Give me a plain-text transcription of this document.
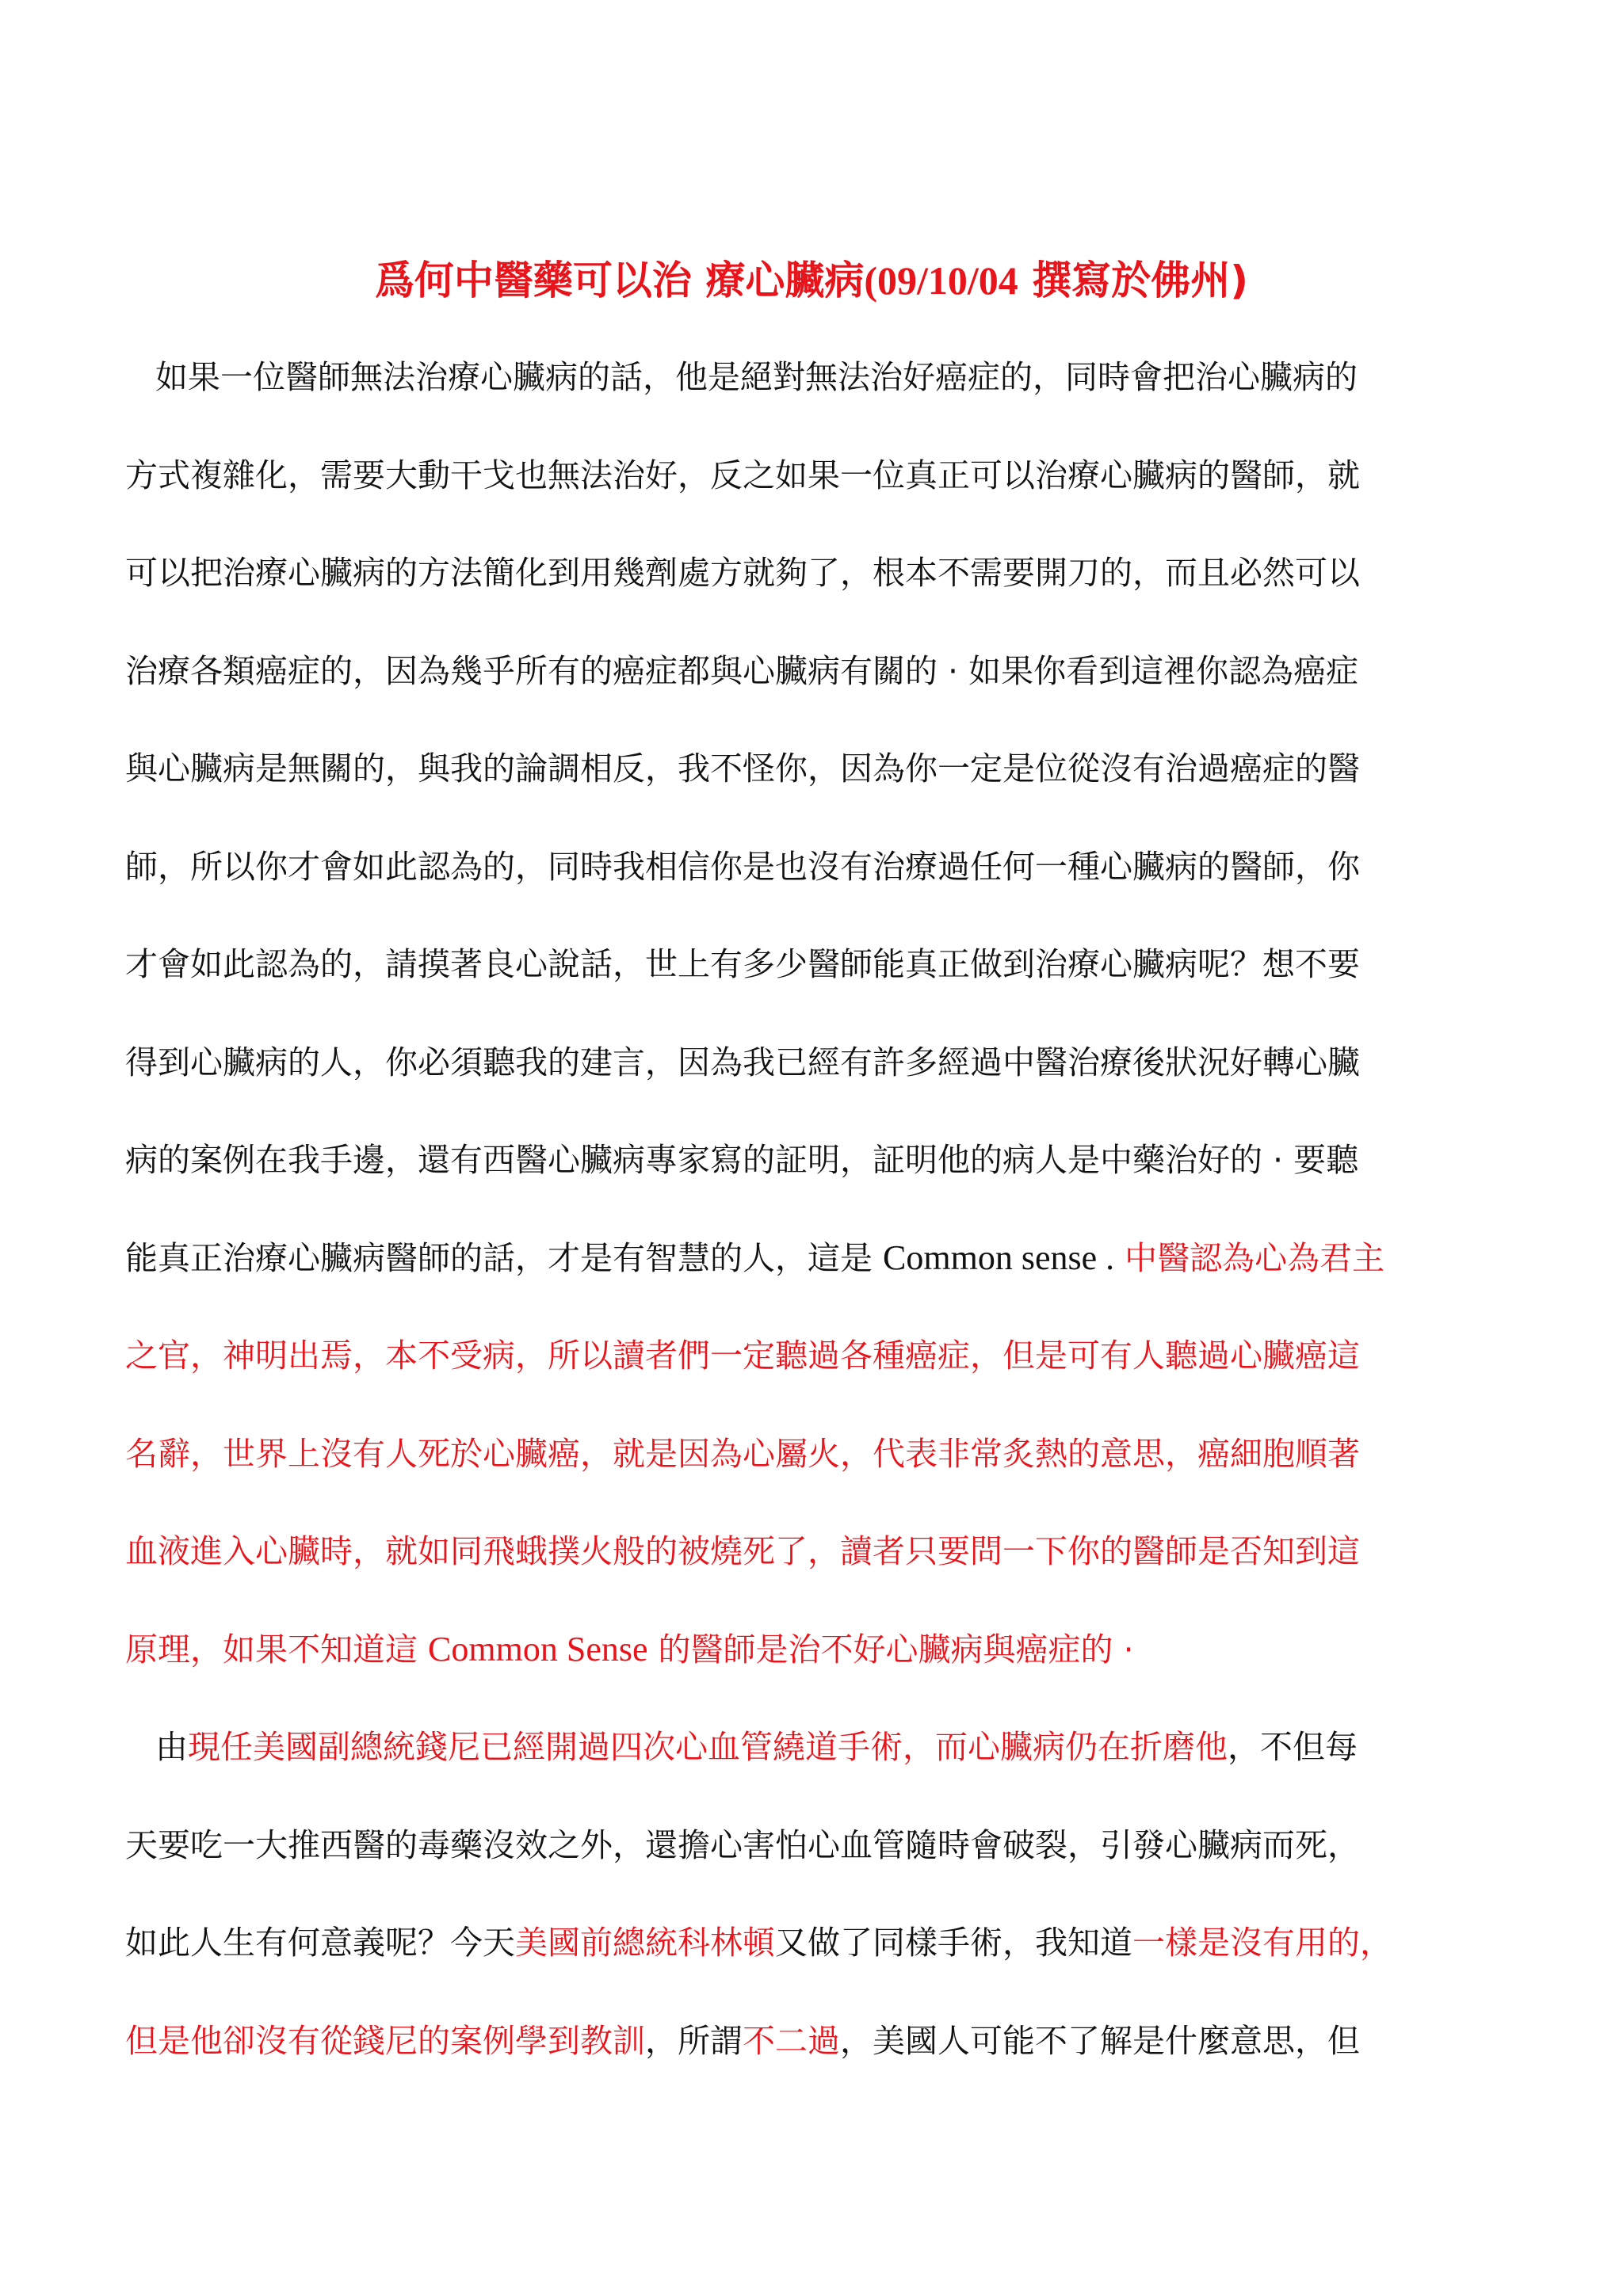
爲何中醫藥可以治 療心臟病(09/10/04 撰寫於佛州)
如果一位醫師無法治療心臟病的話，他是絕對無法治好癌症的，同時會把治心臟病的
方式複雜化，需要大動干戈也無法治好，反之如果一位真正可以治療心臟病的醫師，就
可以把治療心臟病的方法簡化到用幾劑處方就夠了，根本不需要開刀的，而且必然可以
治療各類癌症的，因為幾乎所有的癌症都與心臟病有關的 · 如果你看到這裡你認為癌症
與心臟病是無關的，與我的論調相反，我不怪你，因為你一定是位從沒有治過癌症的醫
師，所以你才會如此認為的，同時我相信你是也沒有治療過任何一種心臟病的醫師，你
才會如此認為的，請摸著良心說話，世上有多少醫師能真正做到治療心臟病呢？想不要
得到心臟病的人，你必須聽我的建言，因為我已經有許多經過中醫治療後狀況好轉心臟
病的案例在我手邊，還有西醫心臟病專家寫的証明，証明他的病人是中藥治好的 · 要聽
能真正治療心臟病醫師的話，才是有智慧的人，這是 Common sense . 中醫認為心為君主
之官，神明出焉，本不受病，所以讀者們一定聽過各種癌症，但是可有人聽過心臟癌這
名辭，世界上沒有人死於心臟癌，就是因為心屬火，代表非常炙熱的意思，癌細胞順著
血液進入心臟時，就如同飛蛾撲火般的被燒死了，讀者只要問一下你的醫師是否知到這
原理，如果不知道這 Common Sense 的醫師是治不好心臟病與癌症的 ·
由現任美國副總統錢尼已經開過四次心血管繞道手術，而心臟病仍在折磨他，不但每
天要吃一大推西醫的毒藥沒效之外，還擔心害怕心血管隨時會破裂，引發心臟病而死，
如此人生有何意義呢？今天美國前總統科林頓又做了同樣手術，我知道一樣是沒有用的，
但是他卻沒有從錢尼的案例學到教訓，所謂不二過，美國人可能不了解是什麼意思，但
